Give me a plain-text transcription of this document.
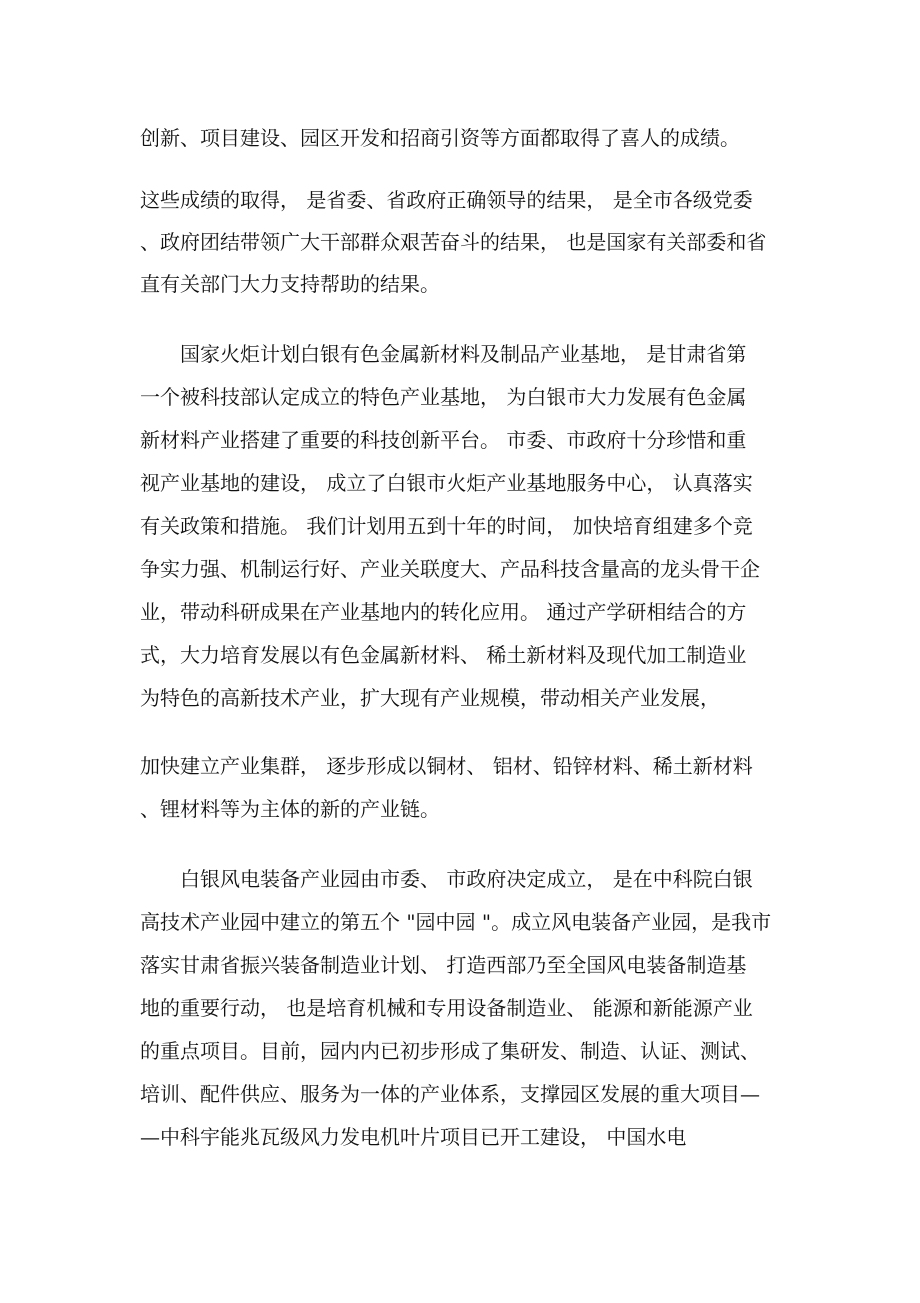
创新、项目建设、园区开发和招商引资等方面都取得了喜人的成绩。

这些成绩的取得， 是省委、省政府正确领导的结果， 是全市各级党委

、政府团结带领广大干部群众艰苦奋斗的结果， 也是国家有关部委和省

直有关部门大力支持帮助的结果。

国家火炬计划白银有色金属新材料及制品产业基地， 是甘肃省第

一个被科技部认定成立的特色产业基地， 为白银市大力发展有色金属

新材料产业搭建了重要的科技创新平台。 市委、市政府十分珍惜和重

视产业基地的建设， 成立了白银市火炬产业基地服务中心， 认真落实

有关政策和措施。 我们计划用五到十年的时间， 加快培育组建多个竞

争实力强、机制运行好、产业关联度大、产品科技含量高的龙头骨干企

业，带动科研成果在产业基地内的转化应用。 通过产学研相结合的方

式，大力培育发展以有色金属新材料、 稀土新材料及现代加工制造业

为特色的高新技术产业，扩大现有产业规模，带动相关产业发展，

加快建立产业集群， 逐步形成以铜材、 铝材、铅锌材料、稀土新材料

、锂材料等为主体的新的产业链。

白银风电装备产业园由市委、 市政府决定成立， 是在中科院白银

高技术产业园中建立的第五个 "园中园 "。成立风电装备产业园，是我市

落实甘肃省振兴装备制造业计划、 打造西部乃至全国风电装备制造基

地的重要行动， 也是培育机械和专用设备制造业、 能源和新能源产业

的重点项目。目前，园内内已初步形成了集研发、制造、认证、测试、

培训、配件供应、服务为一体的产业体系，支撑园区发展的重大项目—

—中科宇能兆瓦级风力发电机叶片项目已开工建设， 中国水电
